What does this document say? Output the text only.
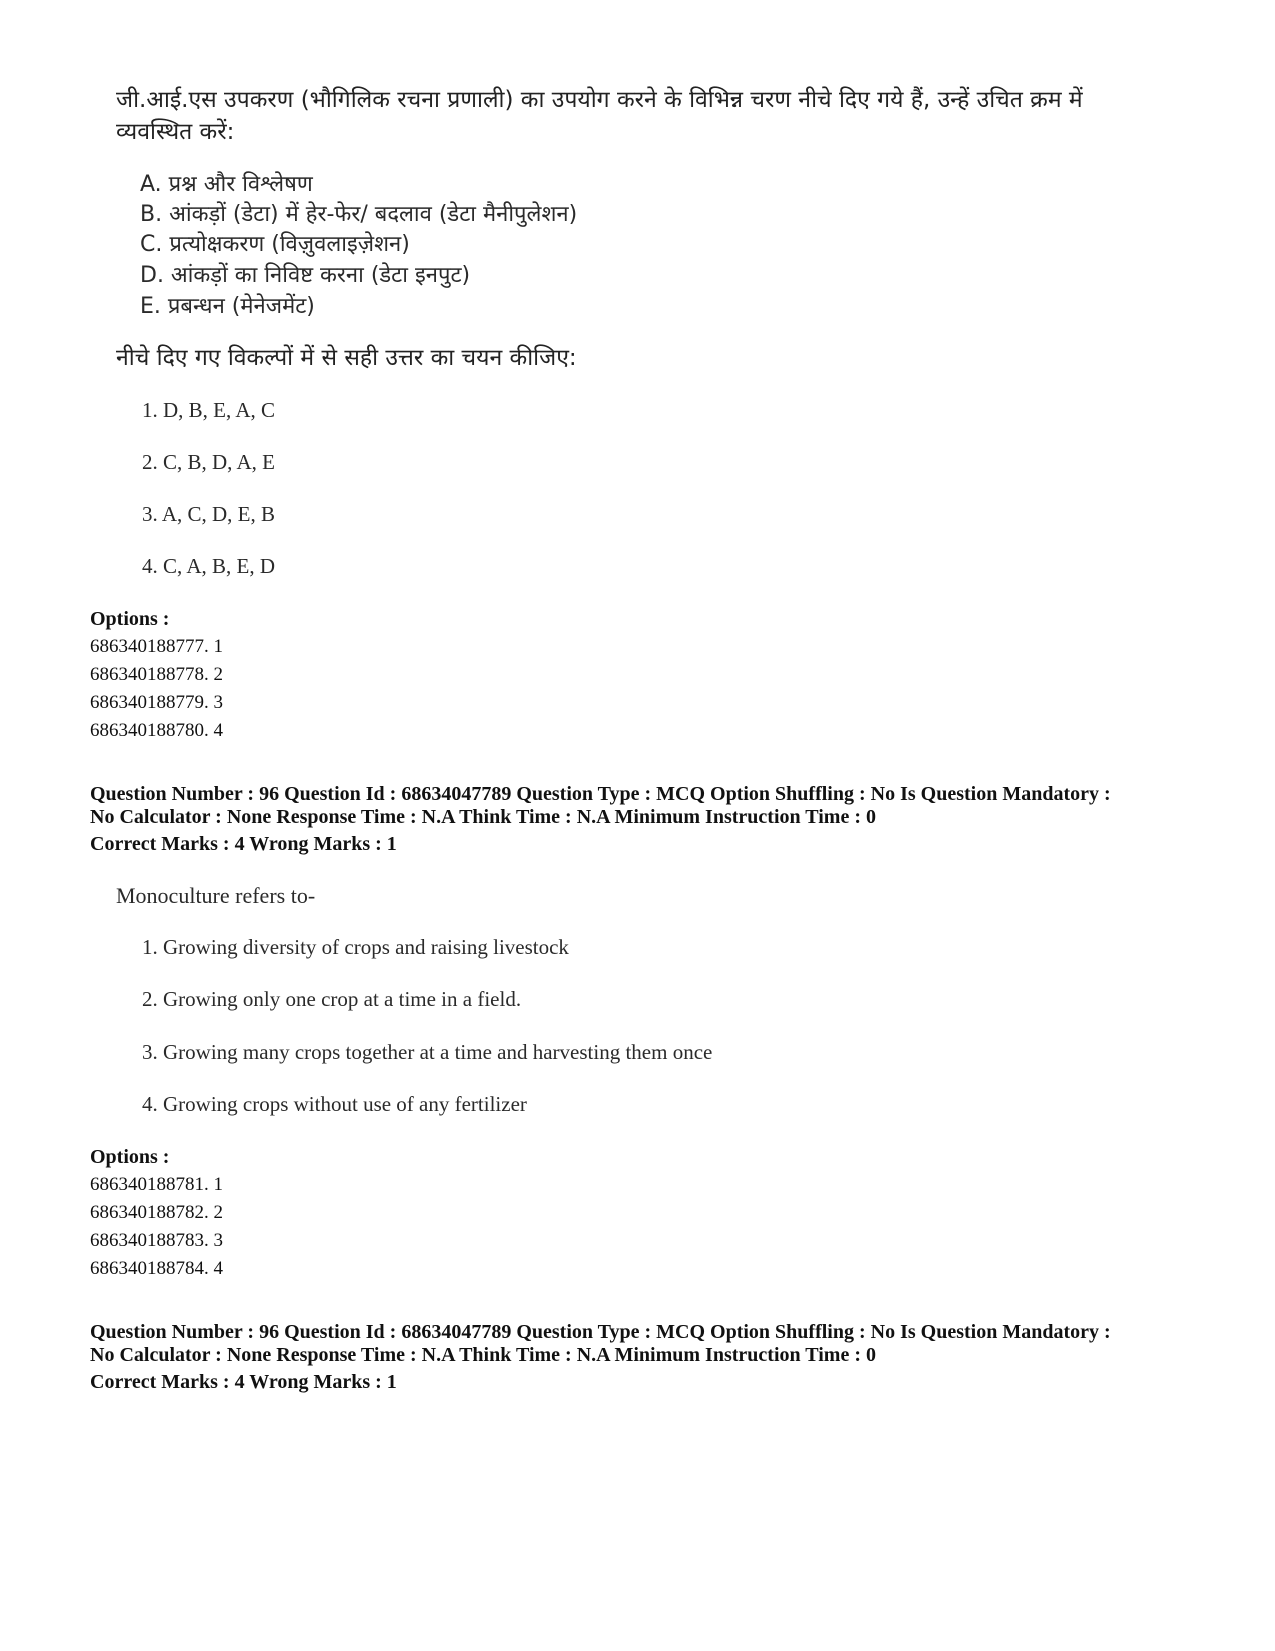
जी.आई.एस उपकरण (भौगिलिक रचना प्रणाली) का उपयोग करने के विभिन्न चरण नीचे दिए गये हैं, उन्हें उचित क्रम में
व्यवस्थित करें:
A. प्रश्न और विश्लेषण
B. आंकड़ों (डेटा) में हेर-फेर/ बदलाव (डेटा मैनीपुलेशन)
C. प्रत्योक्षकरण (विज़ुवलाइज़ेशन)
D. आंकड़ों का निविष्ट करना (डेटा इनपुट)
E. प्रबन्धन (मेनेजमेंट)
नीचे दिए गए विकल्पों में से सही उत्तर का चयन कीजिए:
1. D, B, E, A, C
2. C, B, D, A, E
3. A, C, D, E, B
4. C, A, B, E, D
Options :
686340188777. 1
686340188778. 2
686340188779. 3
686340188780. 4
Question Number : 96 Question Id : 68634047789 Question Type : MCQ Option Shuffling : No Is Question Mandatory :
No Calculator : None Response Time : N.A Think Time : N.A Minimum Instruction Time : 0
Correct Marks : 4 Wrong Marks : 1
Monoculture refers to-
1. Growing diversity of crops and raising livestock
2. Growing only one crop at a time in a field.
3. Growing many crops together at a time and harvesting them once
4. Growing crops without use of any fertilizer
Options :
686340188781. 1
686340188782. 2
686340188783. 3
686340188784. 4
Question Number : 96 Question Id : 68634047789 Question Type : MCQ Option Shuffling : No Is Question Mandatory :
No Calculator : None Response Time : N.A Think Time : N.A Minimum Instruction Time : 0
Correct Marks : 4 Wrong Marks : 1
